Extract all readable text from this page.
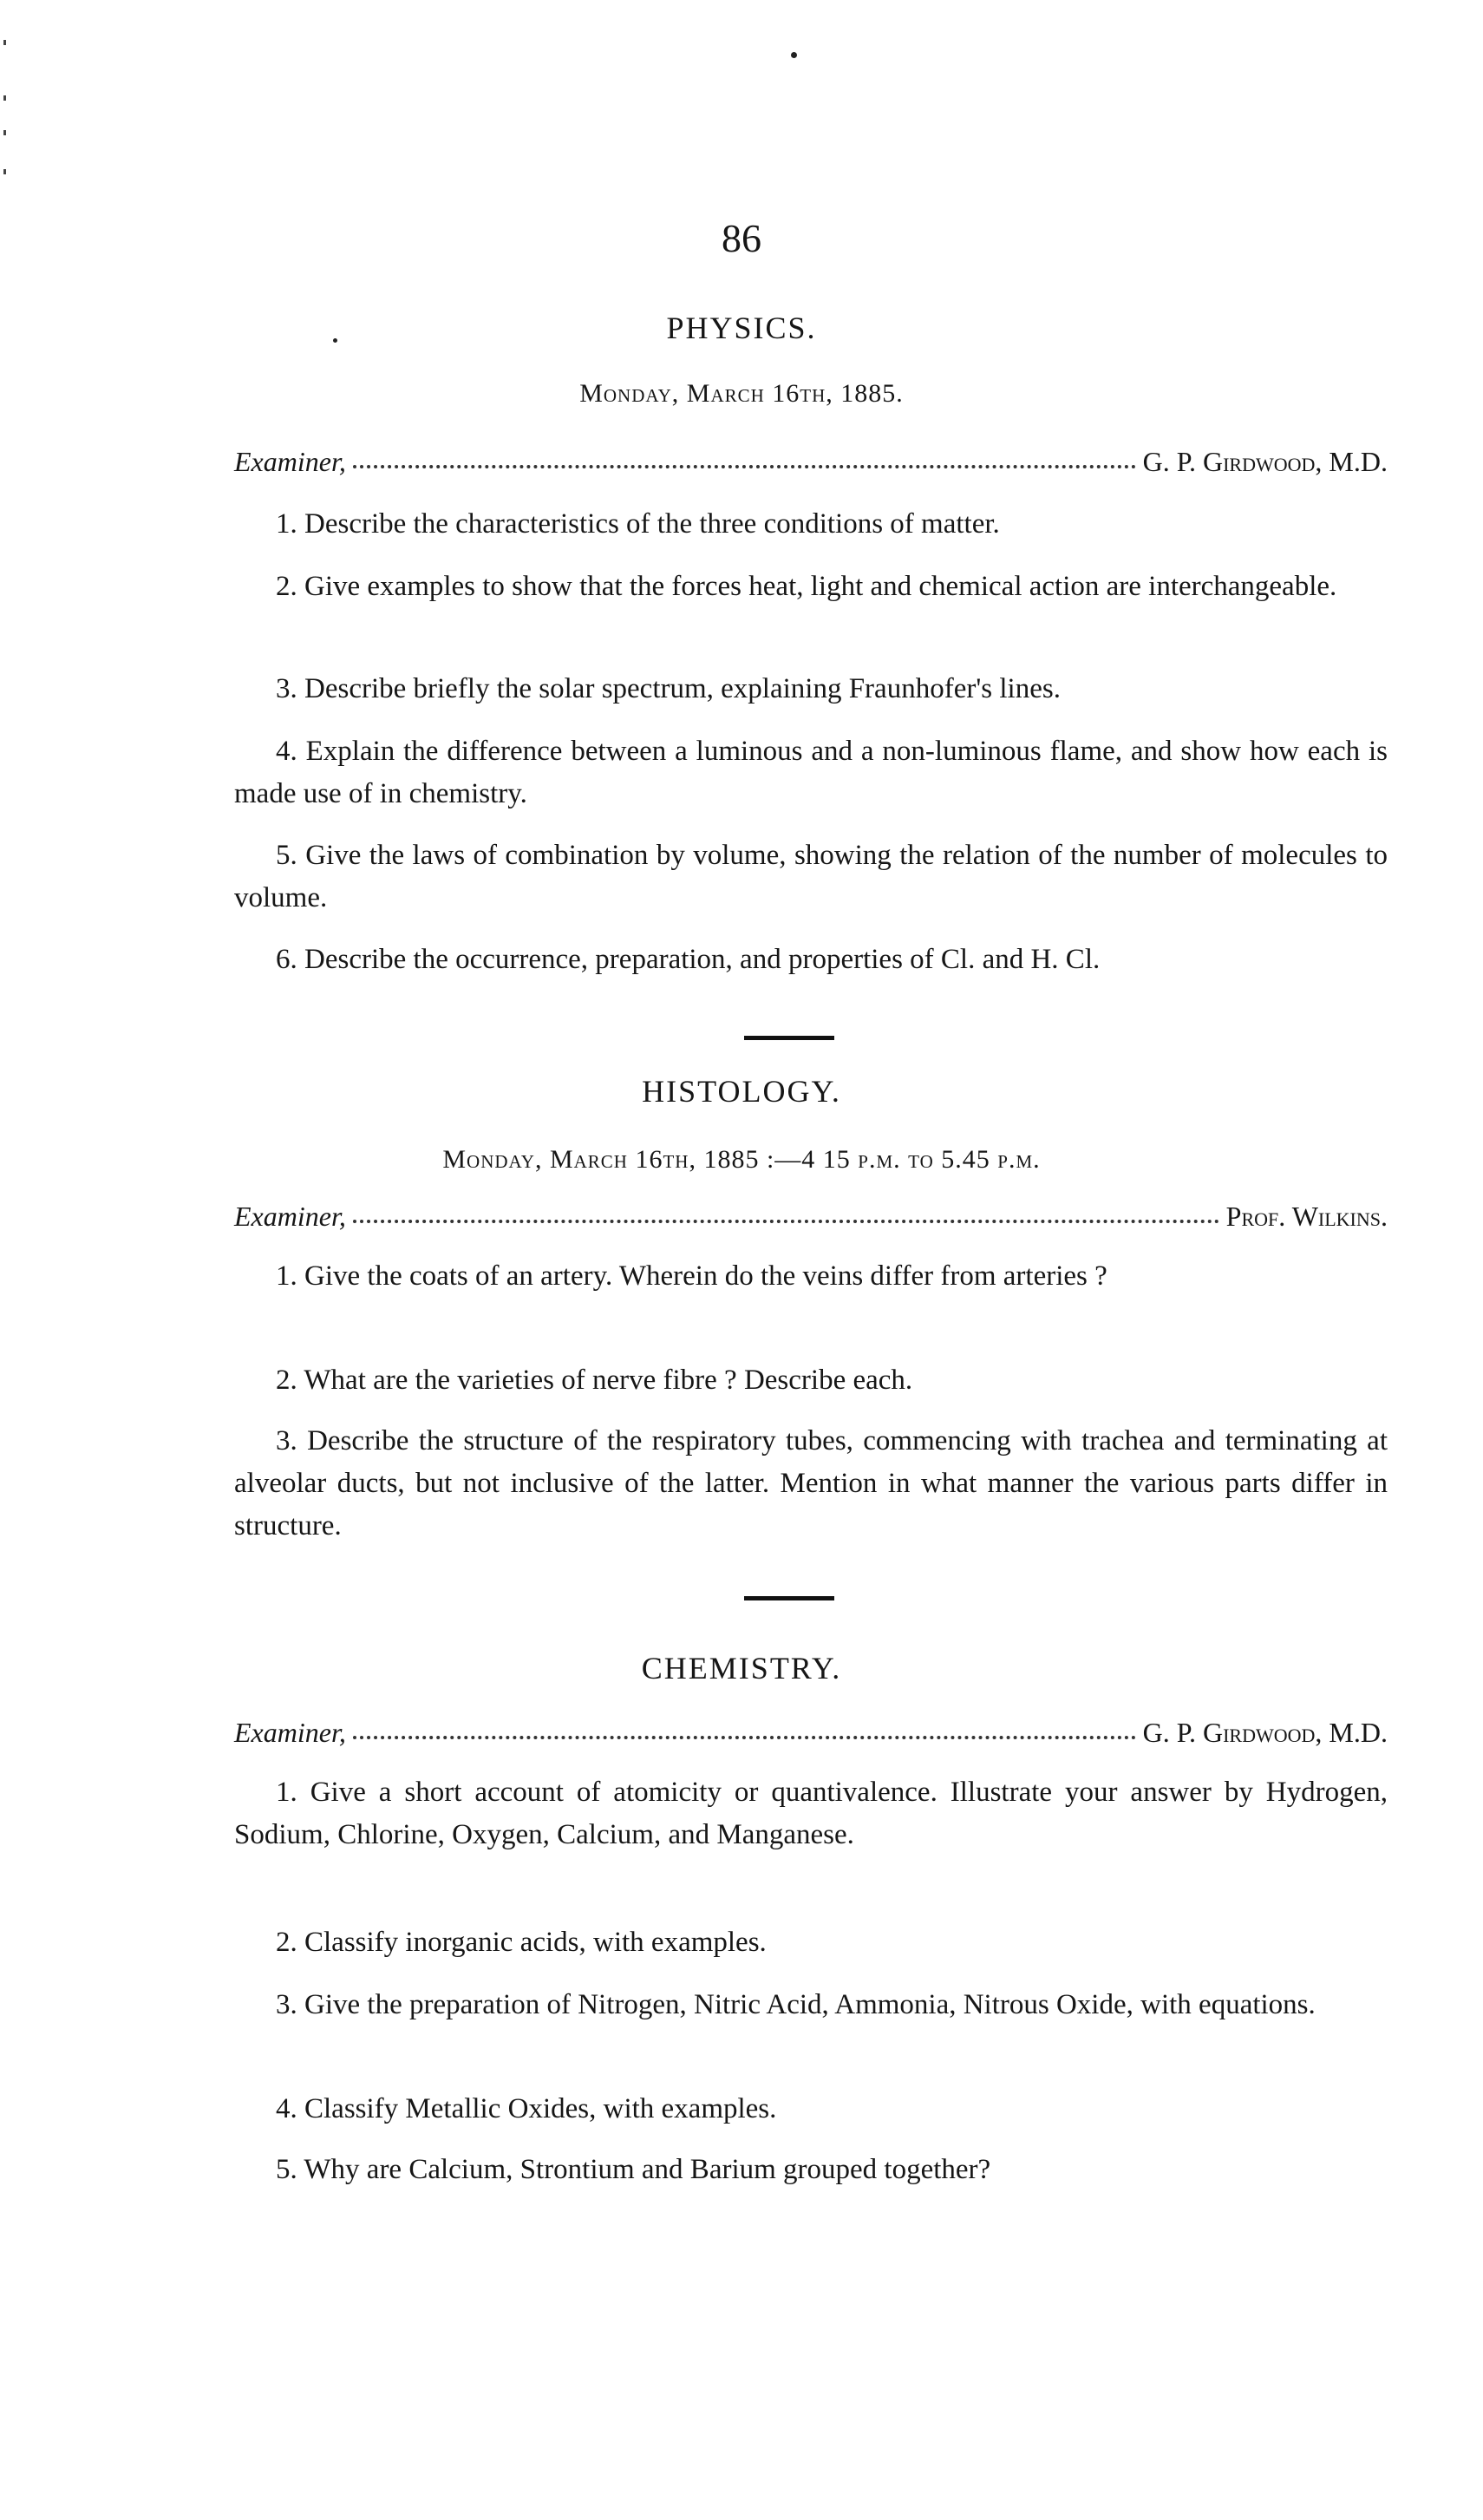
86
PHYSICS.
Monday, March 16th, 1885.
Examiner,	G. P. Girdwood, M.D.
1. Describe the characteristics of the three conditions of matter.
2. Give examples to show that the forces heat, light and chemical action are interchangeable.
3. Describe briefly the solar spectrum, explaining Fraunhofer's lines.
4. Explain the difference between a luminous and a non-luminous flame, and show how each is made use of in chemistry.
5. Give the laws of combination by volume, showing the relation of the number of molecules to volume.
6. Describe the occurrence, preparation, and properties of Cl. and H. Cl.
HISTOLOGY.
Monday, March 16th, 1885 :—4 15 p.m. to 5.45 p.m.
Examiner,	Prof. Wilkins.
1. Give the coats of an artery. Wherein do the veins differ from arteries ?
2. What are the varieties of nerve fibre ? Describe each.
3. Describe the structure of the respiratory tubes, commencing with trachea and terminating at alveolar ducts, but not inclusive of the latter. Mention in what manner the various parts differ in structure.
CHEMISTRY.
Examiner,	G. P. Girdwood, M.D.
1. Give a short account of atomicity or quantivalence. Illustrate your answer by Hydrogen, Sodium, Chlorine, Oxygen, Calcium, and Manganese.
2. Classify inorganic acids, with examples.
3. Give the preparation of Nitrogen, Nitric Acid, Ammonia, Nitrous Oxide, with equations.
4. Classify Metallic Oxides, with examples.
5. Why are Calcium, Strontium and Barium grouped together?
